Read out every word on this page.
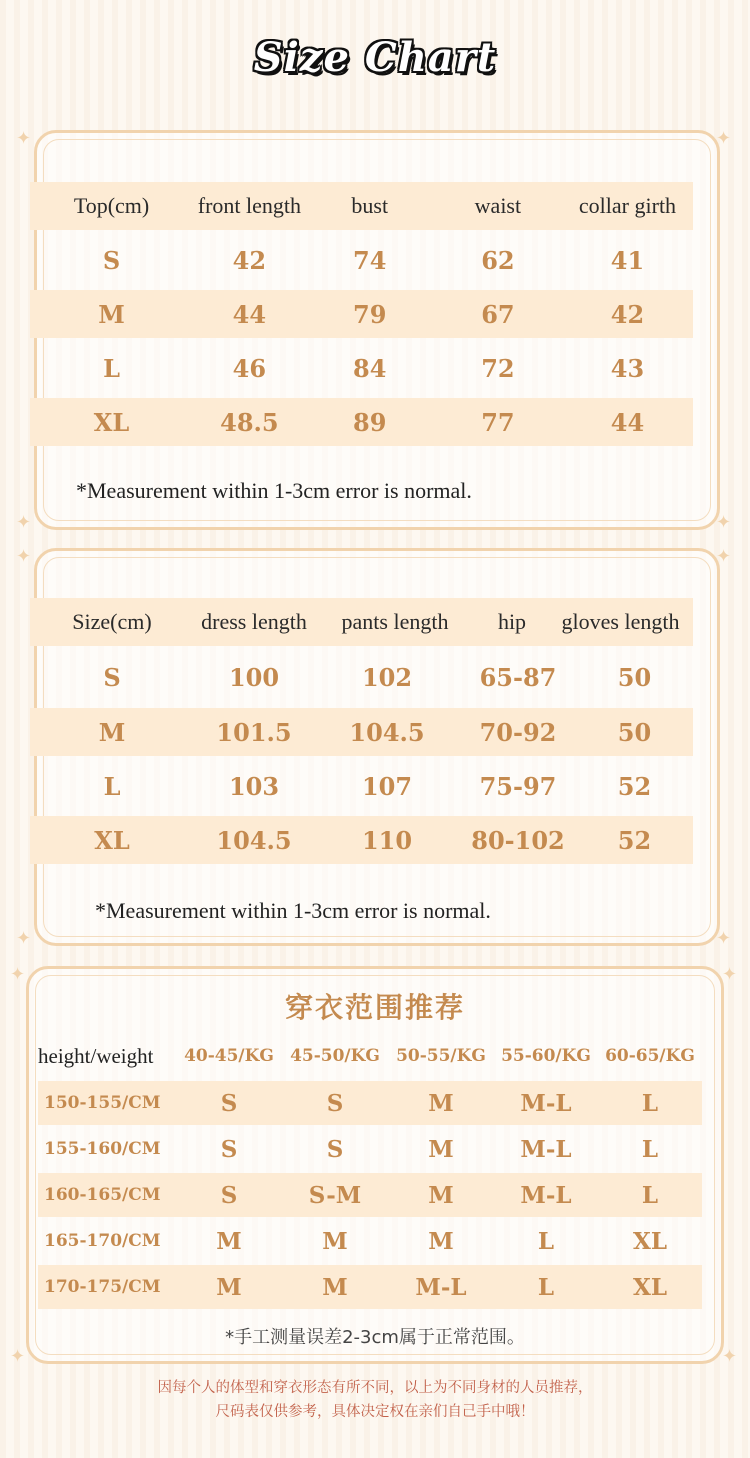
Size Chart
✦	✦
✦	✦
Top(cm)	front length	bust	waist	collar girth
S	42	74	62	41
M	44	79	67	42
L	46	84	72	43
XL	48.5	89	77	44
*Measurement within 1-3cm error is normal.
✦	✦
✦	✦
Size(cm)	dress length	pants length	hip	gloves length
S	100	102	65-87	50
M	101.5	104.5	70-92	50
L	103	107	75-97	52
XL	104.5	110	80-102	52
*Measurement within 1-3cm error is normal.
✦	✦
✦	✦
穿衣范围推荐
height/weight	40-45/KG 45-50/KG 50-55/KG 55-60/KG 60-65/KG
150-155/CM	S	S	M	M-L	L
155-160/CM	S	S	M	M-L	L
160-165/CM	S	S-M	M	M-L	L
165-170/CM	M	M	M	L	XL
170-175/CM	M	M	M-L	L	XL
*手工测量误差2-3cm属于正常范围。
因每个人的体型和穿衣形态有所不同，以上为不同身材的人员推荐，
尺码表仅供参考，具体决定权在亲们自己手中哦！
